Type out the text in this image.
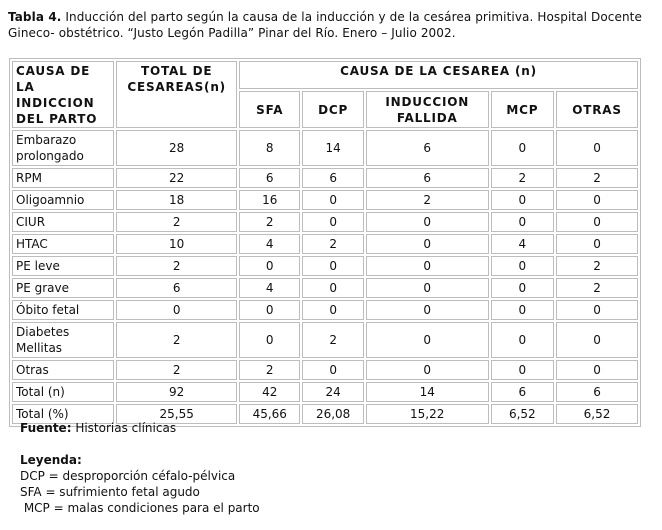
Tabla 4. Inducción del parto según la causa de la inducción y de la cesárea primitiva. Hospital Docente Gineco- obstétrico. “Justo Legón Padilla” Pinar del Río. Enero – Julio 2002.
CAUSA DE LA INDICCION DEL PARTO	TOTAL DE CESAREAS(n)	CAUSA DE LA CESAREA (n)				
		SFA	DCP	INDUCCION FALLIDA	MCP	OTRAS
Embarazo prolongado	28	8	14	6	0	0
RPM	22	6	6	6	2	2
Oligoamnio	18	16	0	2	0	0
CIUR	2	2	0	0	0	0
HTAC	10	4	2	0	4	0
PE leve	2	0	0	0	0	2
PE grave	6	4	0	0	0	2
Óbito fetal	0	0	0	0	0	0
Diabetes Mellitas	2	0	2	0	0	0
Otras	2	2	0	0	0	0
Total (n)	92	42	24	14	6	6
Total (%)	25,55	45,66	26,08	15,22	6,52	6,52
Fuente: Historias clínicas
Leyenda:
DCP = desproporción céfalo-pélvica
SFA = sufrimiento fetal agudo
MCP = malas condiciones para el parto
